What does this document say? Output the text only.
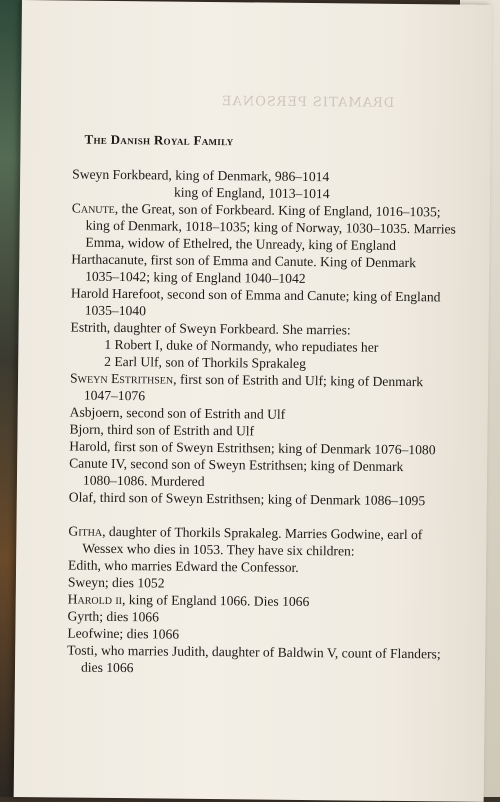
DRAMATIS PERSONAE
The Danish Royal Family
Sweyn Forkbeard, king of Denmark, 986–1014
king of England, 1013–1014
Canute, the Great, son of Forkbeard. King of England, 1016–1035;
king of Denmark, 1018–1035; king of Norway, 1030–1035. Marries
Emma, widow of Ethelred, the Unready, king of England
Harthacanute, first son of Emma and Canute. King of Denmark
1035–1042; king of England 1040–1042
Harold Harefoot, second son of Emma and Canute; king of England
1035–1040
Estrith, daughter of Sweyn Forkbeard. She marries:
1 Robert I, duke of Normandy, who repudiates her
2 Earl Ulf, son of Thorkils Sprakaleg
Sweyn Estrithsen, first son of Estrith and Ulf; king of Denmark
1047–1076
Asbjoern, second son of Estrith and Ulf
Bjorn, third son of Estrith and Ulf
Harold, first son of Sweyn Estrithsen; king of Denmark 1076–1080
Canute IV, second son of Sweyn Estrithsen; king of Denmark
1080–1086. Murdered
Olaf, third son of Sweyn Estrithsen; king of Denmark 1086–1095
Githa, daughter of Thorkils Sprakaleg. Marries Godwine, earl of
Wessex who dies in 1053. They have six children:
Edith, who marries Edward the Confessor.
Sweyn; dies 1052
Harold ii, king of England 1066. Dies 1066
Gyrth; dies 1066
Leofwine; dies 1066
Tosti, who marries Judith, daughter of Baldwin V, count of Flanders;
dies 1066
